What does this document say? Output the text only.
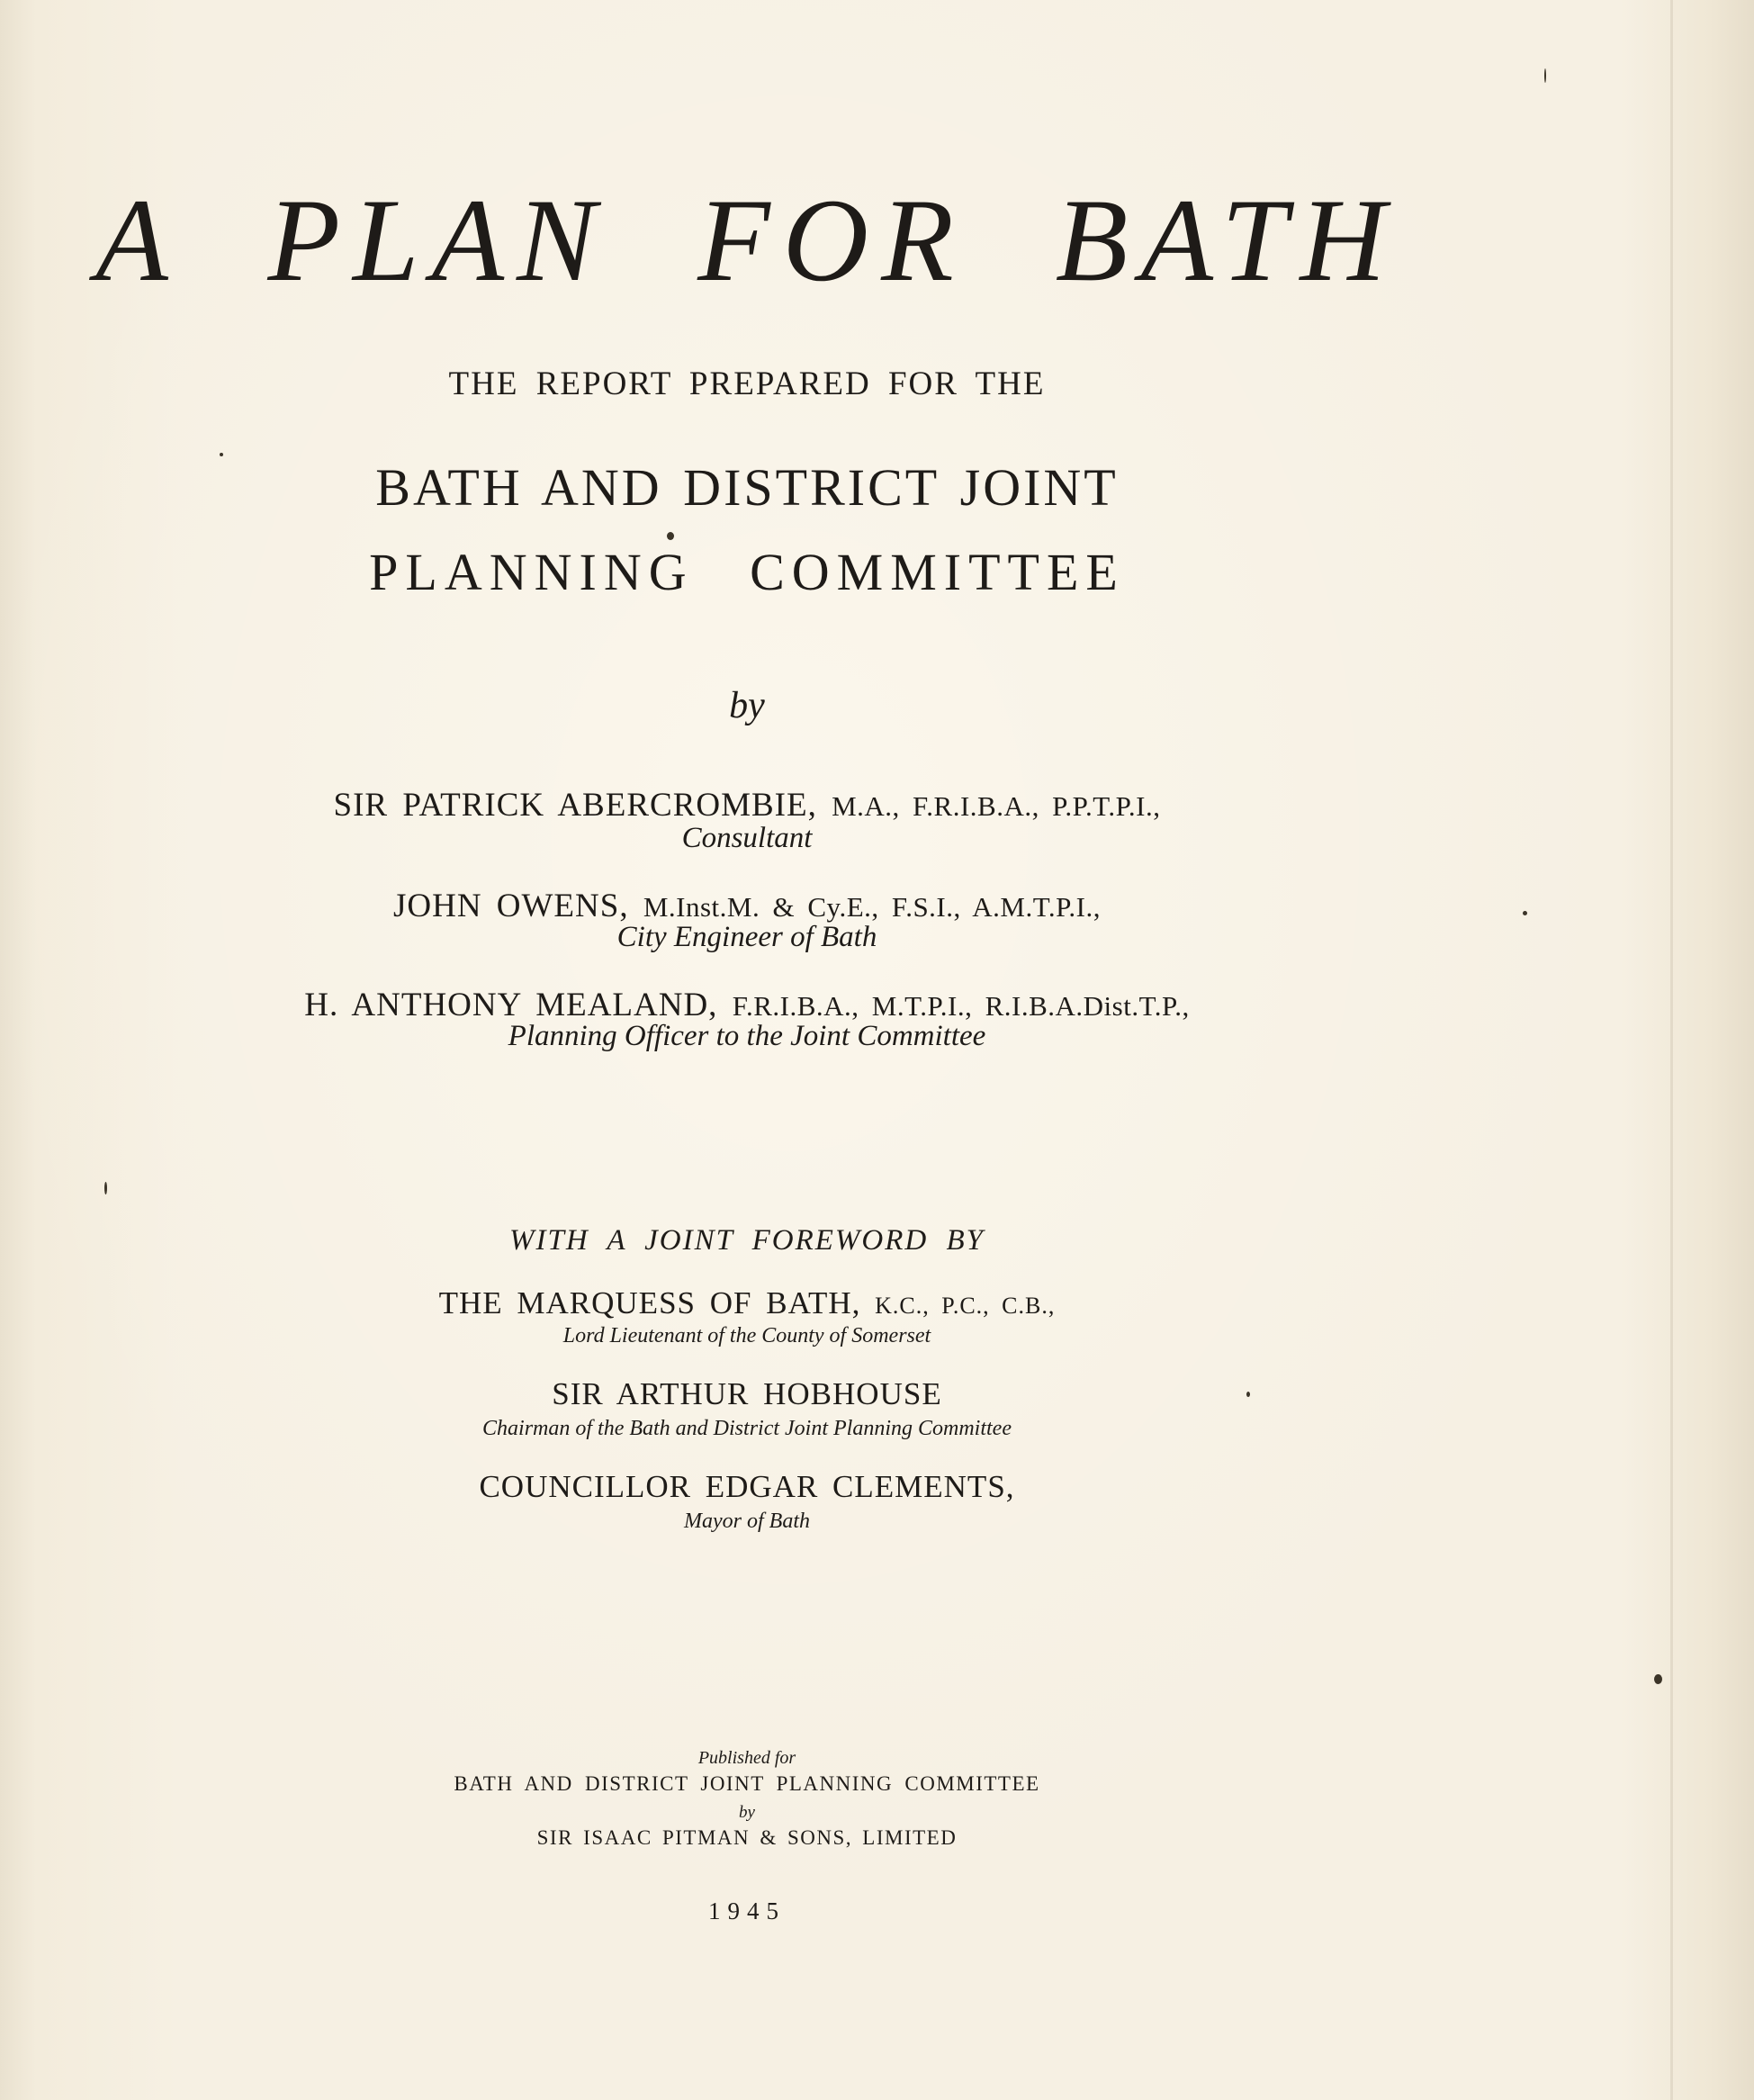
A PLAN FOR BATH
THE REPORT PREPARED FOR THE
BATH AND DISTRICT JOINT
PLANNING COMMITTEE
by
SIR PATRICK ABERCROMBIE, M.A., F.R.I.B.A., P.P.T.P.I.,
Consultant
JOHN OWENS, M.Inst.M. & Cy.E., F.S.I., A.M.T.P.I.,
City Engineer of Bath
H. ANTHONY MEALAND, F.R.I.B.A., M.T.P.I., R.I.B.A.Dist.T.P.,
Planning Officer to the Joint Committee
WITH A JOINT FOREWORD BY
THE MARQUESS OF BATH, K.C., P.C., C.B.,
Lord Lieutenant of the County of Somerset
SIR ARTHUR HOBHOUSE
Chairman of the Bath and District Joint Planning Committee
COUNCILLOR EDGAR CLEMENTS,
Mayor of Bath
Published for
BATH AND DISTRICT JOINT PLANNING COMMITTEE
by
SIR ISAAC PITMAN & SONS, LIMITED
1945
